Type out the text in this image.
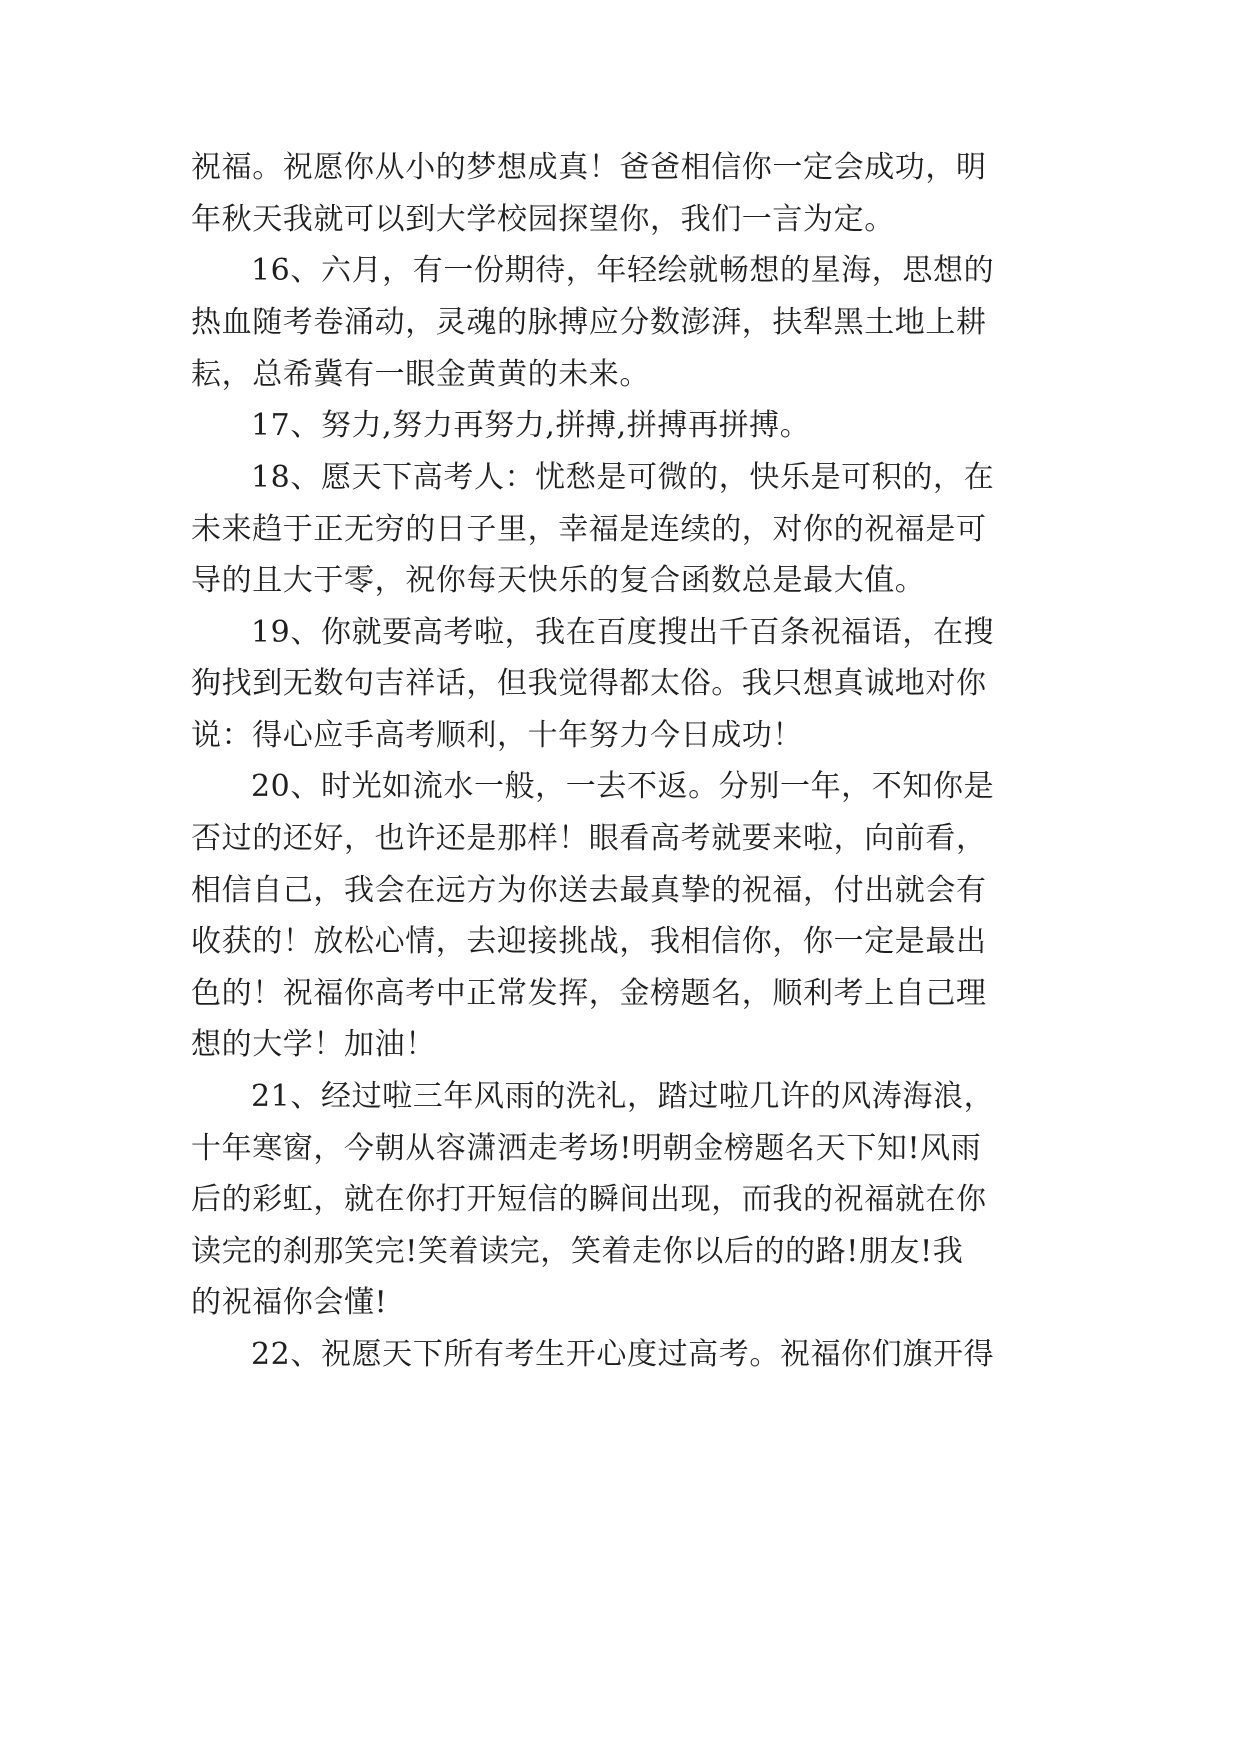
祝福。祝愿你从小的梦想成真！爸爸相信你一定会成功，明
年秋天我就可以到大学校园探望你，我们一言为定。
16、六月，有一份期待，年轻绘就畅想的星海，思想的
热血随考卷涌动，灵魂的脉搏应分数澎湃，扶犁黑土地上耕
耘，总希冀有一眼金黄黄的未来。
17、努力,努力再努力,拼搏,拼搏再拼搏。
18、愿天下高考人：忧愁是可微的，快乐是可积的，在
未来趋于正无穷的日子里，幸福是连续的，对你的祝福是可
导的且大于零，祝你每天快乐的复合函数总是最大值。
19、你就要高考啦，我在百度搜出千百条祝福语，在搜
狗找到无数句吉祥话，但我觉得都太俗。我只想真诚地对你
说：得心应手高考顺利，十年努力今日成功！
20、时光如流水一般，一去不返。分别一年，不知你是
否过的还好，也许还是那样！眼看高考就要来啦，向前看，
相信自己，我会在远方为你送去最真挚的祝福，付出就会有
收获的！放松心情，去迎接挑战，我相信你，你一定是最出
色的！祝福你高考中正常发挥，金榜题名，顺利考上自己理
想的大学！加油！
21、经过啦三年风雨的洗礼，踏过啦几许的风涛海浪，
十年寒窗，今朝从容潇洒走考场!明朝金榜题名天下知!风雨
后的彩虹，就在你打开短信的瞬间出现，而我的祝福就在你
读完的刹那笑完!笑着读完，笑着走你以后的的路!朋友!我
的祝福你会懂!
22、祝愿天下所有考生开心度过高考。祝福你们旗开得
